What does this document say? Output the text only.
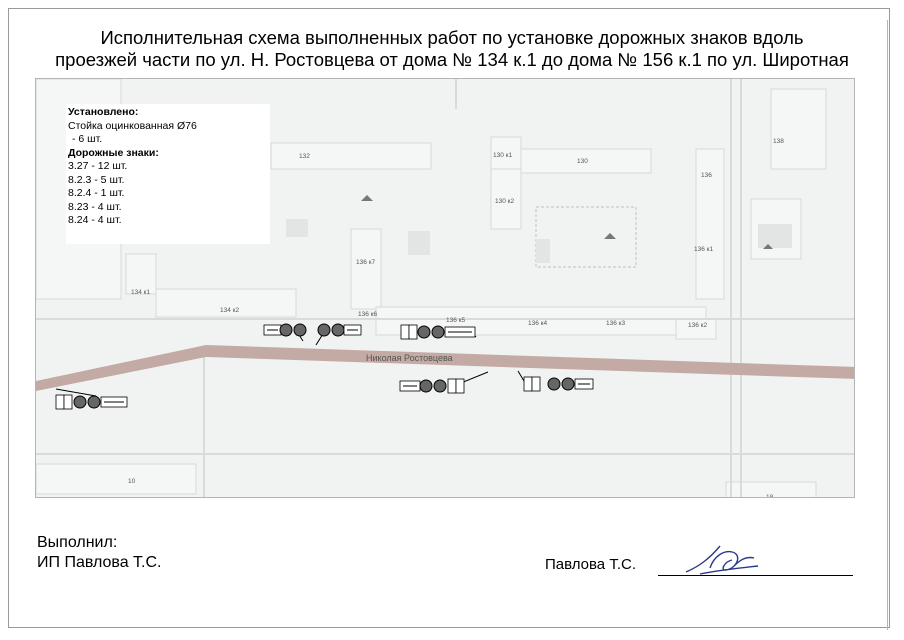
Исполнительная схема выполненных работ по установке дорожных знаков вдоль
проезжей части по ул. Н. Ростовцева от дома № 134 к.1 до дома № 156 к.1 по ул. Широтная
Николая Ростовцева
132
134 к1
134 к2
130 к1
130
130 к2
136 к7
136 к6
136 к5	136 к4	136 к3	136 к2
136 к1
136
138
10
18
Установлено:
Стойка оцинкованная Ø76
- 6 шт.
Дорожные знаки:
3.27 - 12 шт.
8.2.3 - 5 шт.
8.2.4 - 1 шт.
8.23 - 4 шт.
8.24 - 4 шт.
Выполнил:
ИП Павлова Т.С.	Павлова Т.С.
